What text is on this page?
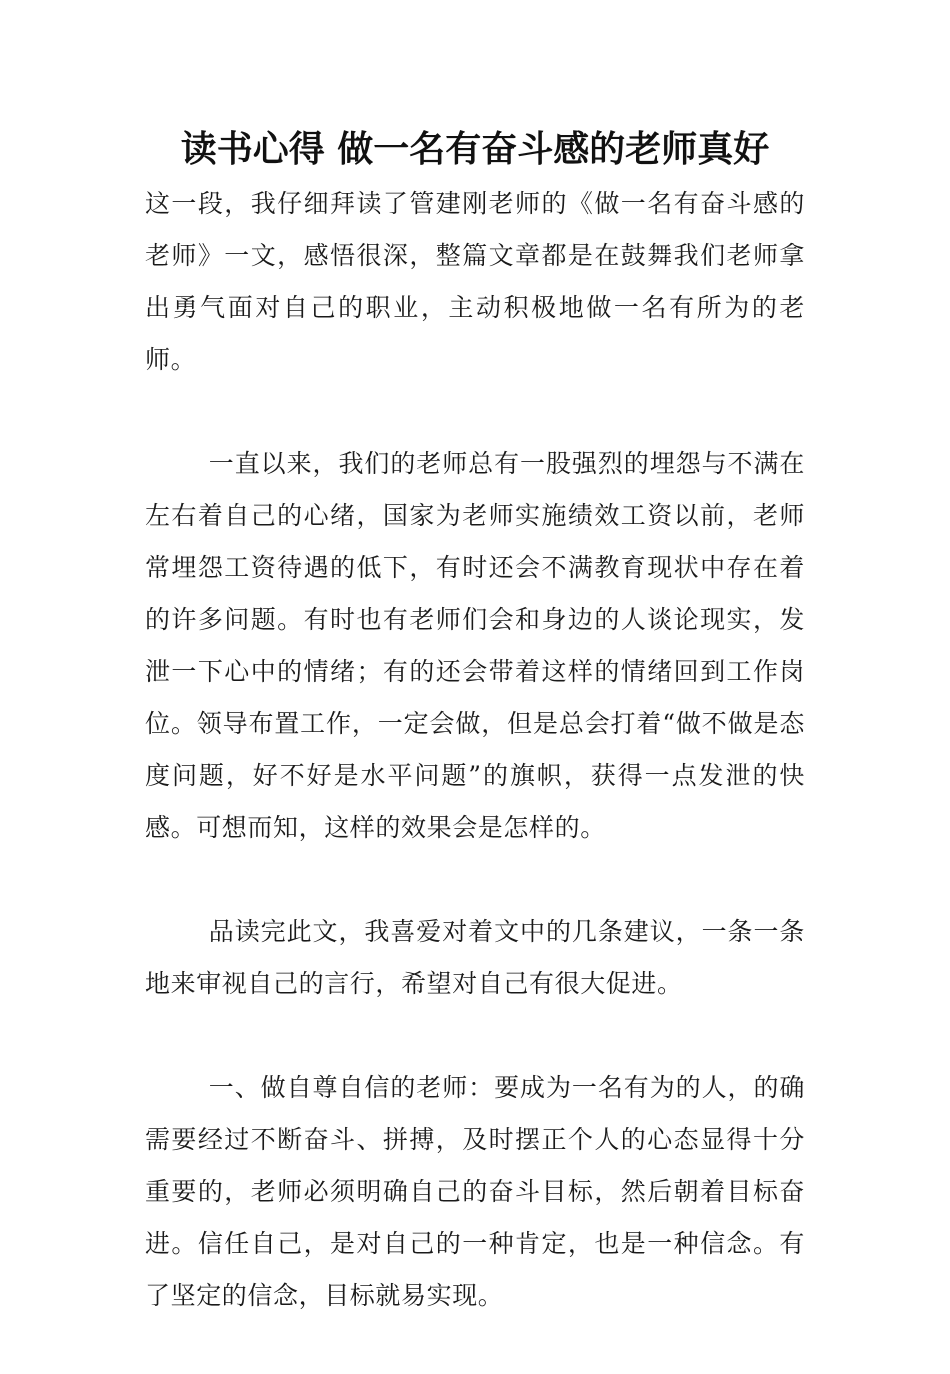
读书心得 做一名有奋斗感的老师真好

这一段，我仔细拜读了管建刚老师的《做一名有奋斗感的老师》一文，感悟很深，整篇文章都是在鼓舞我们老师拿出勇气面对自己的职业，主动积极地做一名有所为的老师。

一直以来，我们的老师总有一股强烈的埋怨与不满在左右着自己的心绪，国家为老师实施绩效工资以前，老师常埋怨工资待遇的低下，有时还会不满教育现状中存在着的许多问题。有时也有老师们会和身边的人谈论现实，发泄一下心中的情绪；有的还会带着这样的情绪回到工作岗位。领导布置工作，一定会做，但是总会打着“做不做是态度问题，好不好是水平问题”的旗帜，获得一点发泄的快感。可想而知，这样的效果会是怎样的。

品读完此文，我喜爱对着文中的几条建议，一条一条地来审视自己的言行，希望对自己有很大促进。

一、做自尊自信的老师：要成为一名有为的人，的确需要经过不断奋斗、拼搏，及时摆正个人的心态显得十分重要的，老师必须明确自己的奋斗目标，然后朝着目标奋进。信任自己，是对自己的一种肯定，也是一种信念。有了坚定的信念，目标就易实现。
